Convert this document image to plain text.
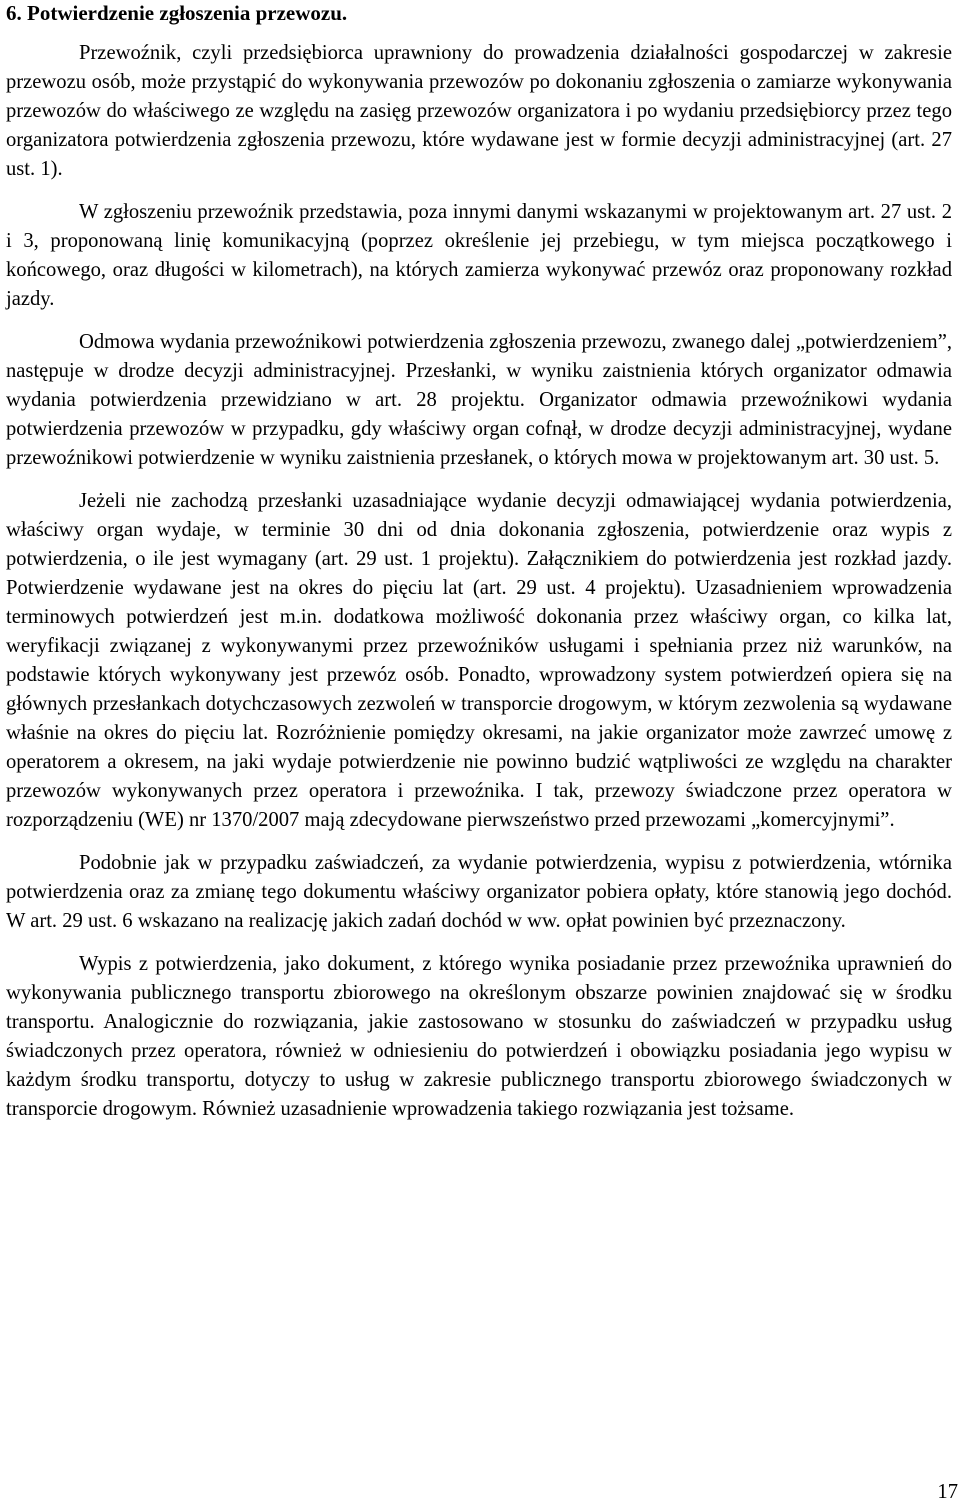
6. Potwierdzenie zgłoszenia przewozu.

Przewoźnik, czyli przedsiębiorca uprawniony do prowadzenia działalności gospodarczej w zakresie przewozu osób, może przystąpić do wykonywania przewozów po dokonaniu zgłoszenia o zamiarze wykonywania przewozów do właściwego ze względu na zasięg przewozów organizatora i po wydaniu przedsiębiorcy przez tego organizatora potwierdzenia zgłoszenia przewozu, które wydawane jest w formie decyzji administracyjnej (art. 27 ust. 1).

W zgłoszeniu przewoźnik przedstawia, poza innymi danymi wskazanymi w projektowanym art. 27 ust. 2 i 3, proponowaną linię komunikacyjną (poprzez określenie jej przebiegu, w tym miejsca początkowego i końcowego, oraz długości w kilometrach), na których zamierza wykonywać przewóz oraz proponowany rozkład jazdy.

Odmowa wydania przewoźnikowi potwierdzenia zgłoszenia przewozu, zwanego dalej „potwierdzeniem”, następuje w drodze decyzji administracyjnej. Przesłanki, w wyniku zaistnienia których organizator odmawia wydania potwierdzenia przewidziano w art. 28 projektu. Organizator odmawia przewoźnikowi wydania potwierdzenia przewozów w przypadku, gdy właściwy organ cofnął, w drodze decyzji administracyjnej, wydane przewoźnikowi potwierdzenie w wyniku zaistnienia przesłanek, o których mowa w projektowanym art. 30 ust. 5.

Jeżeli nie zachodzą przesłanki uzasadniające wydanie decyzji odmawiającej wydania potwierdzenia, właściwy organ wydaje, w terminie 30 dni od dnia dokonania zgłoszenia, potwierdzenie oraz wypis z potwierdzenia, o ile jest wymagany (art. 29 ust. 1 projektu). Załącznikiem do potwierdzenia jest rozkład jazdy. Potwierdzenie wydawane jest na okres do pięciu lat (art. 29 ust. 4 projektu). Uzasadnieniem wprowadzenia terminowych potwierdzeń jest m.in. dodatkowa możliwość dokonania przez właściwy organ, co kilka lat, weryfikacji związanej z wykonywanymi przez przewoźników usługami i spełniania przez niż warunków, na podstawie których wykonywany jest przewóz osób. Ponadto, wprowadzony system potwierdzeń opiera się na głównych przesłankach dotychczasowych zezwoleń w transporcie drogowym, w którym zezwolenia są wydawane właśnie na okres do pięciu lat. Rozróżnienie pomiędzy okresami, na jakie organizator może zawrzeć umowę z operatorem a okresem, na jaki wydaje potwierdzenie nie powinno budzić wątpliwości ze względu na charakter przewozów wykonywanych przez operatora i przewoźnika. I tak, przewozy świadczone przez operatora w rozporządzeniu (WE) nr 1370/2007 mają zdecydowane pierwszeństwo przed przewozami „komercyjnymi”.

Podobnie jak w przypadku zaświadczeń, za wydanie potwierdzenia, wypisu z potwierdzenia, wtórnika potwierdzenia oraz za zmianę tego dokumentu właściwy organizator pobiera opłaty, które stanowią jego dochód. W art. 29 ust. 6 wskazano na realizację jakich zadań dochód w ww. opłat powinien być przeznaczony.

Wypis z potwierdzenia, jako dokument, z którego wynika posiadanie przez przewoźnika uprawnień do wykonywania publicznego transportu zbiorowego na określonym obszarze powinien znajdować się w środku transportu. Analogicznie do rozwiązania, jakie zastosowano w stosunku do zaświadczeń w przypadku usług świadczonych przez operatora, również w odniesieniu do potwierdzeń i obowiązku posiadania jego wypisu w każdym środku transportu, dotyczy to usług w zakresie publicznego transportu zbiorowego świadczonych w transporcie drogowym. Również uzasadnienie wprowadzenia takiego rozwiązania jest tożsame.

17
